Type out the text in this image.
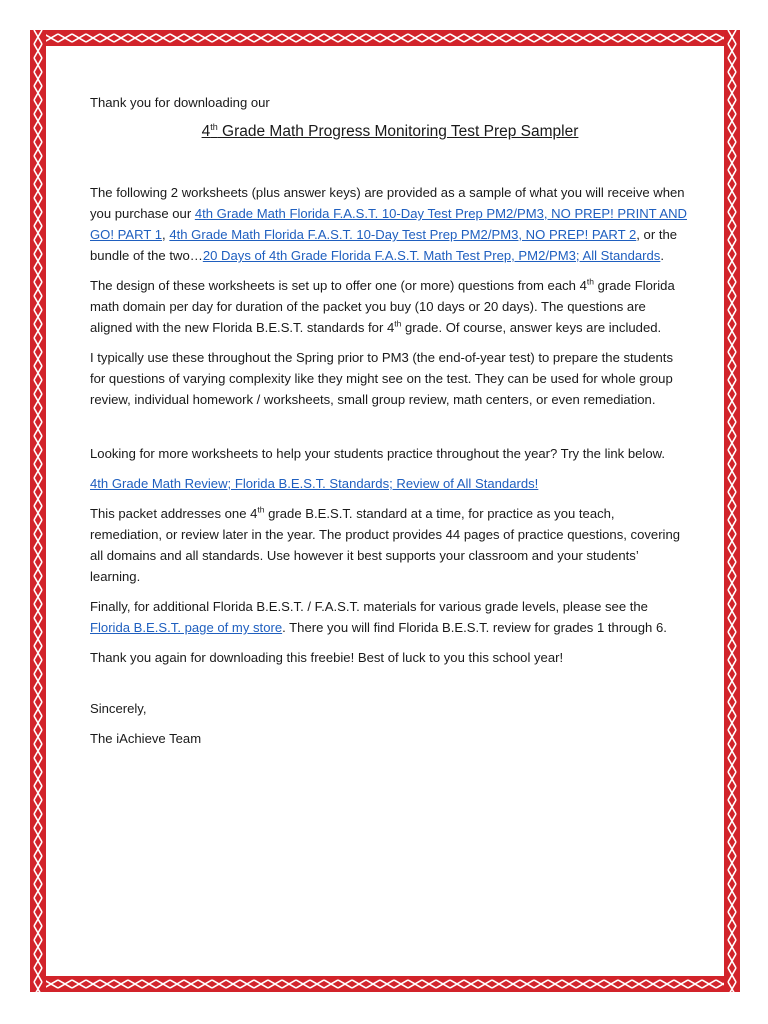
Thank you for downloading our

4th Grade Math Progress Monitoring Test Prep Sampler

The following 2 worksheets (plus answer keys) are provided as a sample of what you will receive when you purchase our 4th Grade Math Florida F.A.S.T. 10-Day Test Prep PM2/PM3, NO PREP! PRINT AND GO! PART 1, 4th Grade Math Florida F.A.S.T. 10-Day Test Prep PM2/PM3, NO PREP! PART 2, or the bundle of the two…20 Days of 4th Grade Florida F.A.S.T. Math Test Prep, PM2/PM3; All Standards.

The design of these worksheets is set up to offer one (or more) questions from each 4th grade Florida math domain per day for duration of the packet you buy (10 days or 20 days). The questions are aligned with the new Florida B.E.S.T. standards for 4th grade. Of course, answer keys are included.

I typically use these throughout the Spring prior to PM3 (the end-of-year test) to prepare the students for questions of varying complexity like they might see on the test. They can be used for whole group review, individual homework / worksheets, small group review, math centers, or even remediation.

Looking for more worksheets to help your students practice throughout the year? Try the link below.

4th Grade Math Review; Florida B.E.S.T. Standards; Review of All Standards!

This packet addresses one 4th grade B.E.S.T. standard at a time, for practice as you teach, remediation, or review later in the year. The product provides 44 pages of practice questions, covering all domains and all standards. Use however it best supports your classroom and your students’ learning.

Finally, for additional Florida B.E.S.T. / F.A.S.T. materials for various grade levels, please see the Florida B.E.S.T. page of my store. There you will find Florida B.E.S.T. review for grades 1 through 6.

Thank you again for downloading this freebie! Best of luck to you this school year!

Sincerely,

The iAchieve Team
